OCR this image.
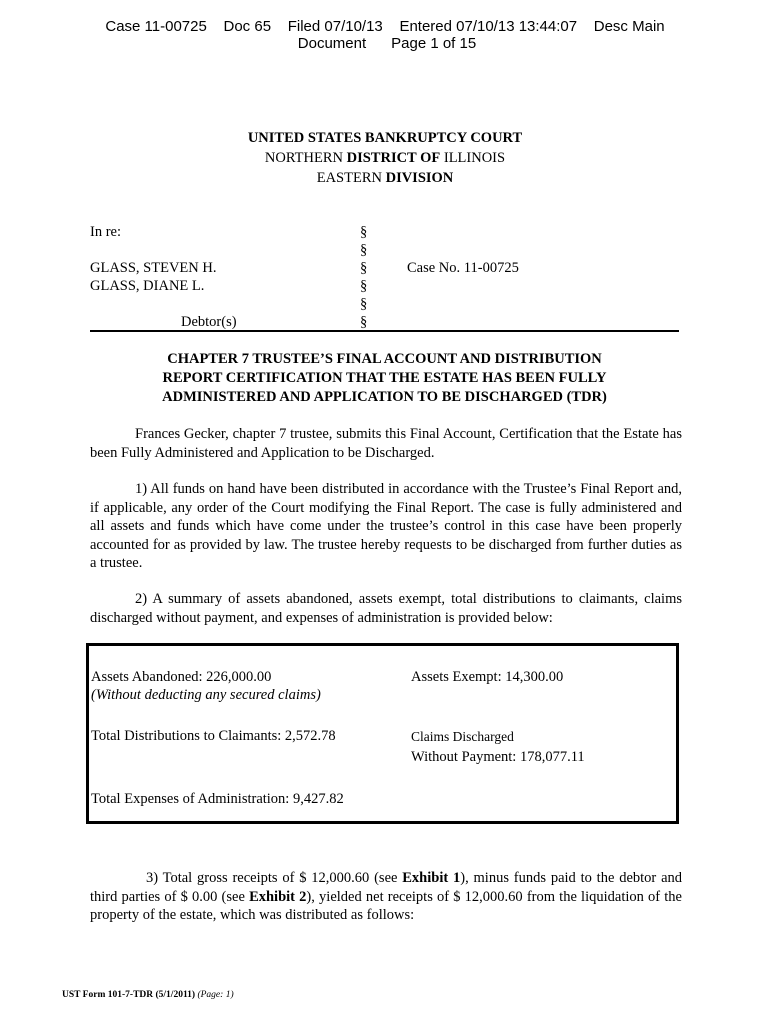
Case 11-00725    Doc 65    Filed 07/10/13    Entered 07/10/13 13:44:07    Desc Main
Document      Page 1 of 15
UNITED STATES BANKRUPTCY COURT
NORTHERN DISTRICT OF ILLINOIS
EASTERN DIVISION
In re:
GLASS, STEVEN H.
GLASS, DIANE L.
Debtor(s)
Case No. 11-00725
§
§
§
§
§
§
CHAPTER 7 TRUSTEE’S FINAL ACCOUNT AND DISTRIBUTION
REPORT CERTIFICATION THAT THE ESTATE HAS BEEN FULLY
ADMINISTERED AND APPLICATION TO BE DISCHARGED (TDR)
Frances Gecker, chapter 7 trustee, submits this Final Account, Certification that the Estate has been Fully Administered and Application to be Discharged.
1) All funds on hand have been distributed in accordance with the Trustee’s Final Report and, if applicable, any order of the Court modifying the Final Report. The case is fully administered and all assets and funds which have come under the trustee’s control in this case have been properly accounted for as provided by law. The trustee hereby requests to be discharged from further duties as a trustee.
2) A summary of assets abandoned, assets exempt, total distributions to claimants, claims discharged without payment, and expenses of administration is provided below:
Assets Abandoned: 226,000.00
(Without deducting any secured claims)
Assets Exempt: 14,300.00
Total Distributions to Claimants: 2,572.78	Claims Discharged
Without Payment: 178,077.11
Total Expenses of Administration: 9,427.82
3) Total gross receipts of $ 12,000.60 (see Exhibit 1), minus funds paid to the debtor and third parties of $ 0.00 (see Exhibit 2), yielded net receipts of $ 12,000.60 from the liquidation of the property of the estate, which was distributed as follows:
UST Form 101-7-TDR (5/1/2011) (Page: 1)
